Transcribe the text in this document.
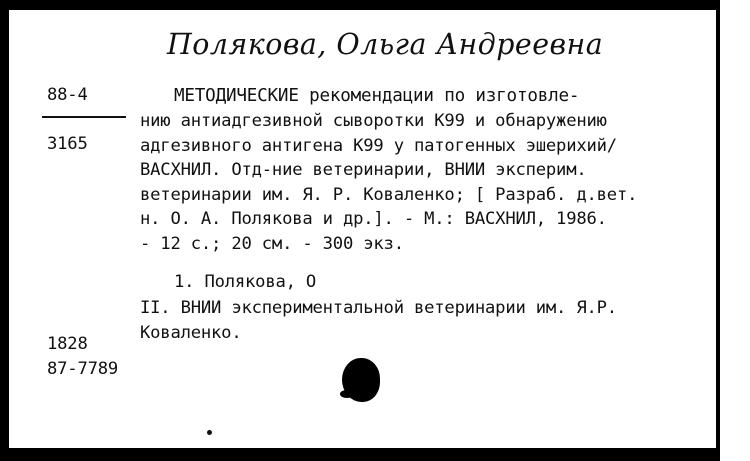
Полякова, Ольга Андреевна
88-4
3165
МЕТОДИЧЕСКИЕ рекомендации по изготовле-
нию антиадгезивной сыворотки К99 и обнаружению
адгезивного антигена К99 у патогенных эшерихий/
ВАСХНИЛ. Отд-ние ветеринарии, ВНИИ эксперим.
ветеринарии им. Я. Р. Коваленко; [ Разраб. д.вет.
н. О. А. Полякова и др.]. - М.: ВАСХНИЛ, 1986.
- 12 с.; 20 см. - 300 экз.
1. Полякова, О
II. ВНИИ экспериментальной ветеринарии им. Я.Р.
Коваленко.
1828
87-7789
